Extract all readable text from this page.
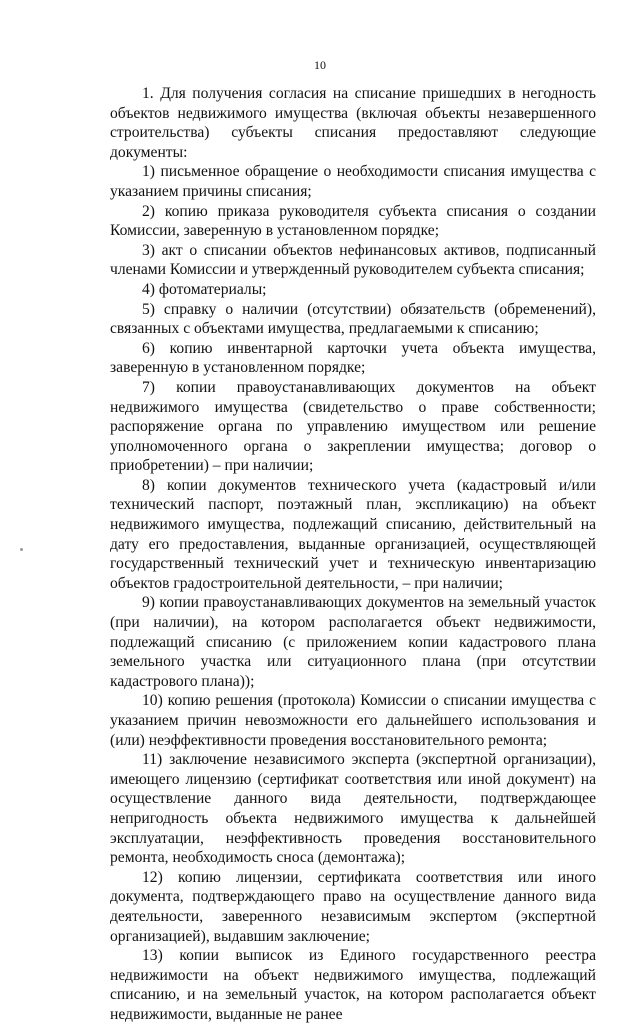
10

1. Для получения согласия на списание пришедших в негодность объектов недвижимого имущества (включая объекты незавершенного строительства) субъекты списания предоставляют следующие документы:

1) письменное обращение о необходимости списания имущества с указанием причины списания;

2) копию приказа руководителя субъекта списания о создании Комиссии, заверенную в установленном порядке;

3) акт о списании объектов нефинансовых активов, подписанный членами Комиссии и утвержденный руководителем субъекта списания;

4) фотоматериалы;

5) справку о наличии (отсутствии) обязательств (обременений), связанных с объектами имущества, предлагаемыми к списанию;

6) копию инвентарной карточки учета объекта имущества, заверенную в установленном порядке;

7) копии правоустанавливающих документов на объект недвижимого имущества (свидетельство о праве собственности; распоряжение органа по управлению имуществом или решение уполномоченного органа о закреплении имущества; договор о приобретении) – при наличии;

8) копии документов технического учета (кадастровый и/или технический паспорт, поэтажный план, экспликацию) на объект недвижимого имущества, подлежащий списанию, действительный на дату его предоставления, выданные организацией, осуществляющей государственный технический учет и техническую инвентаризацию объектов градостроительной деятельности, – при наличии;

9) копии правоустанавливающих документов на земельный участок (при наличии), на котором располагается объект недвижимости, подлежащий списанию (с приложением копии кадастрового плана земельного участка или ситуационного плана (при отсутствии кадастрового плана));

10) копию решения (протокола) Комиссии о списании имущества с указанием причин невозможности его дальнейшего использования и (или) неэффективности проведения восстановительного ремонта;

11) заключение независимого эксперта (экспертной организации), имеющего лицензию (сертификат соответствия или иной документ) на осуществление данного вида деятельности, подтверждающее непригодность объекта недвижимого имущества к дальнейшей эксплуатации, неэффективность проведения восстановительного ремонта, необходимость сноса (демонтажа);

12) копию лицензии, сертификата соответствия или иного документа, подтверждающего право на осуществление данного вида деятельности, заверенного независимым экспертом (экспертной организацией), выдавшим заключение;

13) копии выписок из Единого государственного реестра недвижимости на объект недвижимого имущества, подлежащий списанию, и на земельный участок, на котором располагается объект недвижимости, выданные не ранее
